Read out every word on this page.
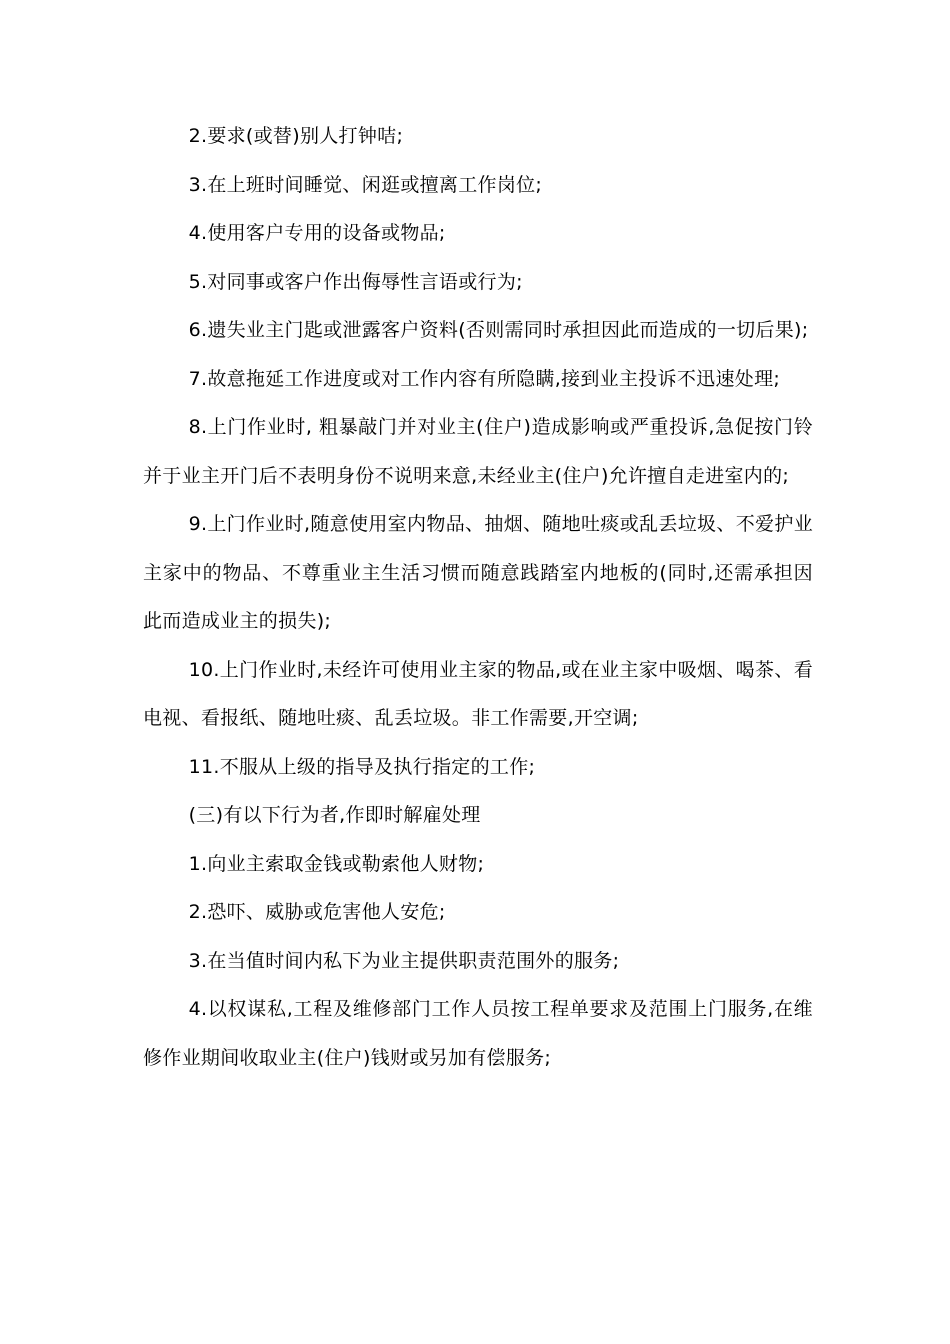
2.要求(或替)别人打钟咭;

3.在上班时间睡觉、闲逛或擅离工作岗位;

4.使用客户专用的设备或物品;

5.对同事或客户作出侮辱性言语或行为;

6.遗失业主门匙或泄露客户资料(否则需同时承担因此而造成的一切后果);

7.故意拖延工作进度或对工作内容有所隐瞒,接到业主投诉不迅速处理;

8.上门作业时, 粗暴敲门并对业主(住户)造成影响或严重投诉,急促按门铃并于业主开门后不表明身份不说明来意,未经业主(住户)允许擅自走进室内的;

9.上门作业时,随意使用室内物品、抽烟、随地吐痰或乱丢垃圾、不爱护业主家中的物品、不尊重业主生活习惯而随意践踏室内地板的(同时,还需承担因此而造成业主的损失);

10.上门作业时,未经许可使用业主家的物品,或在业主家中吸烟、喝茶、看电视、看报纸、随地吐痰、乱丢垃圾。非工作需要,开空调;

11.不服从上级的指导及执行指定的工作;

(三)有以下行为者,作即时解雇处理

1.向业主索取金钱或勒索他人财物;

2.恐吓、威胁或危害他人安危;

3.在当值时间内私下为业主提供职责范围外的服务;

4.以权谋私,工程及维修部门工作人员按工程单要求及范围上门服务,在维修作业期间收取业主(住户)钱财或另加有偿服务;
